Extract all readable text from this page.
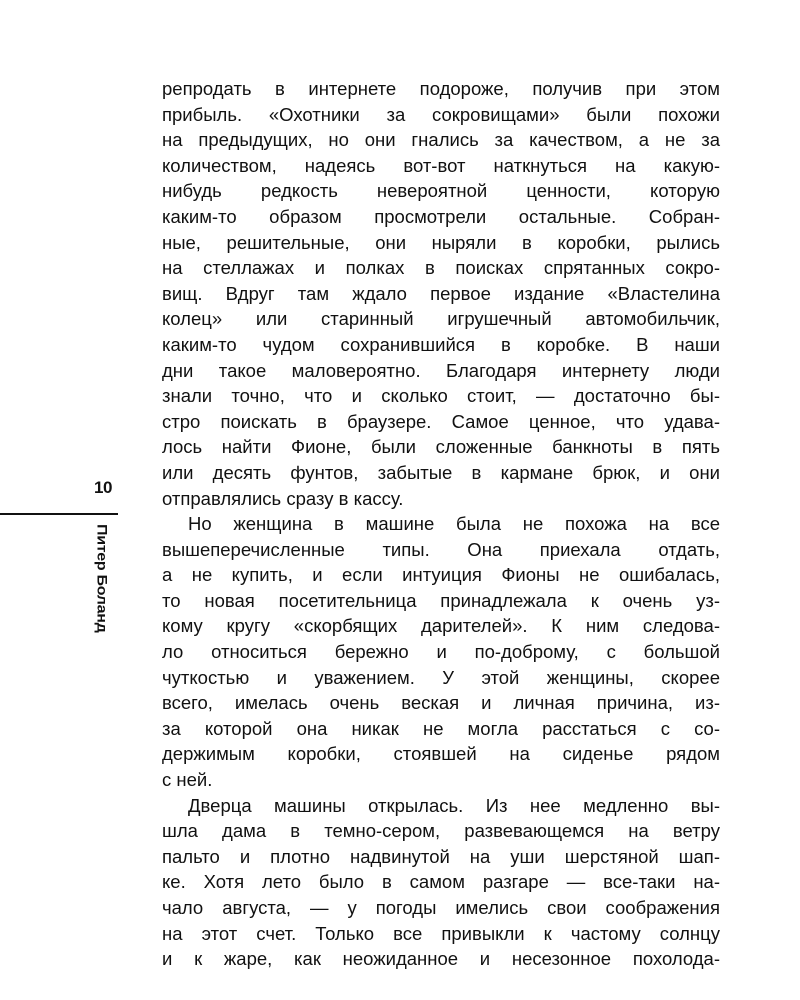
10
Питер Боланд
репродать в интернете подороже, получив при этом
прибыль. «Охотники за сокровищами» были похожи
на предыдущих, но они гнались за качеством, а не за
количеством, надеясь вот-вот наткнуться на какую-
нибудь редкость невероятной ценности, которую
каким-то образом просмотрели остальные. Собран-
ные, решительные, они ныряли в коробки, рылись
на стеллажах и полках в поисках спрятанных сокро-
вищ. Вдруг там ждало первое издание «Властелина
колец» или старинный игрушечный автомобильчик,
каким-то чудом сохранившийся в коробке. В наши
дни такое маловероятно. Благодаря интернету люди
знали точно, что и сколько стоит, — достаточно бы-
стро поискать в браузере. Самое ценное, что удава-
лось найти Фионе, были сложенные банкноты в пять
или десять фунтов, забытые в кармане брюк, и они
отправлялись сразу в кассу.
Но женщина в машине была не похожа на все
вышеперечисленные типы. Она приехала отдать,
а не купить, и если интуиция Фионы не ошибалась,
то новая посетительница принадлежала к очень уз-
кому кругу «скорбящих дарителей». К ним следова-
ло относиться бережно и по-доброму, с большой
чуткостью и уважением. У этой женщины, скорее
всего, имелась очень веская и личная причина, из-
за которой она никак не могла расстаться с со-
держимым коробки, стоявшей на сиденье рядом
с ней.
Дверца машины открылась. Из нее медленно вы-
шла дама в темно-сером, развевающемся на ветру
пальто и плотно надвинутой на уши шерстяной шап-
ке. Хотя лето было в самом разгаре — все-таки на-
чало августа, — у погоды имелись свои соображения
на этот счет. Только все привыкли к частому солнцу
и к жаре, как неожиданное и несезонное похолода-
